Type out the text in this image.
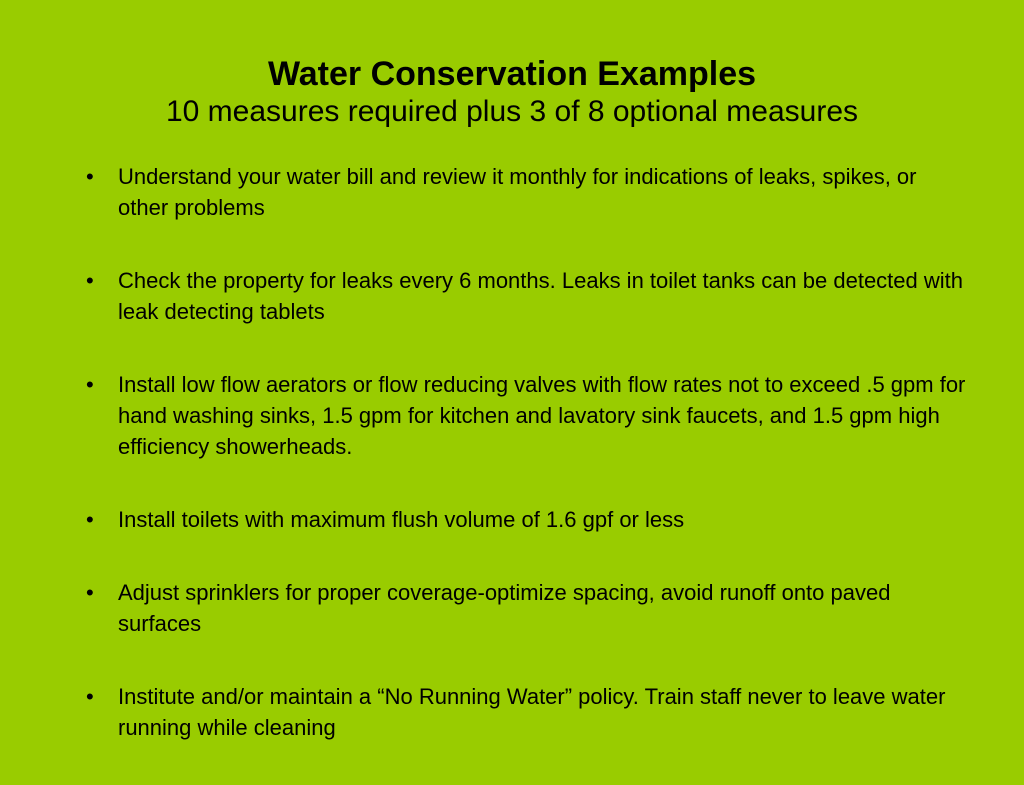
Water Conservation Examples
10 measures required plus 3 of 8 optional measures
•	Understand your water bill and review it monthly for indications of leaks, spikes, or other problems
•	Check the property for leaks every 6 months. Leaks in toilet tanks can be detected with leak detecting tablets
•	Install low flow aerators or flow reducing valves with flow rates not to exceed .5 gpm for hand washing sinks, 1.5 gpm for kitchen and lavatory sink faucets, and 1.5 gpm high efficiency showerheads.
•	Install toilets with maximum flush volume of 1.6 gpf or less
•	Adjust sprinklers for proper coverage-optimize spacing, avoid runoff onto paved surfaces
•	Institute and/or maintain a “No Running Water” policy. Train staff never to leave water running while cleaning
